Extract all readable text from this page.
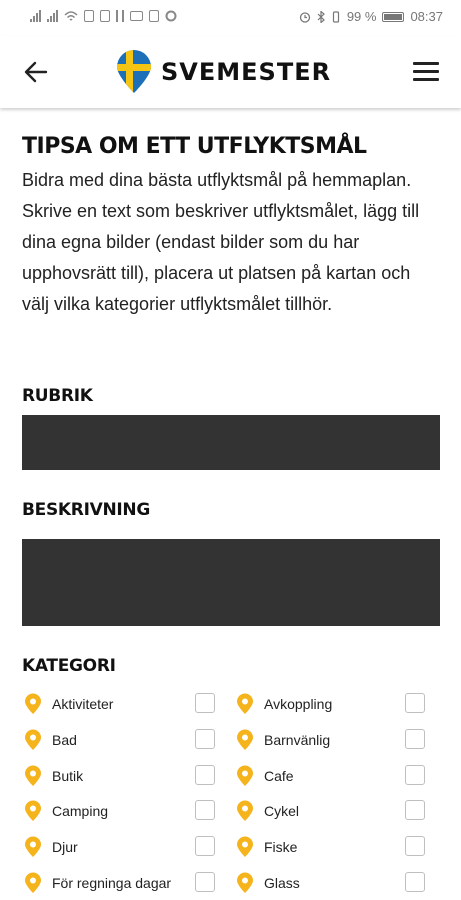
99 %	08:37
SVEMESTER
TIPSA OM ETT UTFLYKTSMÅL

Bidra med dina bästa utflyktsmål på hemmaplan. Skrive en text som beskriver utflyktsmålet, lägg till dina egna bilder (endast bilder som du har upphovsrätt till), placera ut platsen på kartan och välj vilka kategorier utflyktsmålet tillhör.

RUBRIK
BESKRIVNING
KATEGORI
Aktiviteter	Avkoppling
Bad	Barnvänlig
Butik	Cafe
Camping	Cykel
Djur	Fiske
För regninga dagar	Glass
